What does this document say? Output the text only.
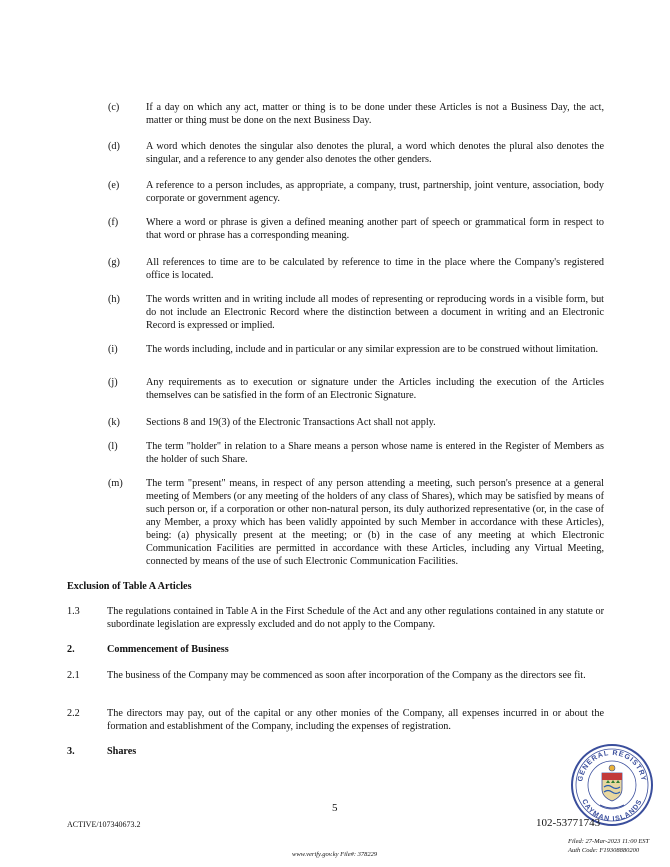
(c)	If a day on which any act, matter or thing is to be done under these Articles is not a Business Day, the act, matter or thing must be done on the next Business Day.
(d)	A word which denotes the singular also denotes the plural, a word which denotes the plural also denotes the singular, and a reference to any gender also denotes the other genders.
(e)	A reference to a person includes, as appropriate, a company, trust, partnership, joint venture, association, body corporate or government agency.
(f)	Where a word or phrase is given a defined meaning another part of speech or grammatical form in respect to that word or phrase has a corresponding meaning.
(g)	All references to time are to be calculated by reference to time in the place where the Company's registered office is located.
(h)	The words written and in writing include all modes of representing or reproducing words in a visible form, but do not include an Electronic Record where the distinction between a document in writing and an Electronic Record is expressed or implied.
(i)	The words including, include and in particular or any similar expression are to be construed without limitation.
(j)	Any requirements as to execution or signature under the Articles including the execution of the Articles themselves can be satisfied in the form of an Electronic Signature.
(k)	Sections 8 and 19(3) of the Electronic Transactions Act shall not apply.
(l)	The term "holder" in relation to a Share means a person whose name is entered in the Register of Members as the holder of such Share.
(m) The term "present" means, in respect of any person attending a meeting, such person's presence at a general meeting of Members (or any meeting of the holders of any class of Shares), which may be satisfied by means of such person or, if a corporation or other non-natural person, its duly authorized representative (or, in the case of any Member, a proxy which has been validly appointed by such Member in accordance with these Articles), being: (a) physically present at the meeting; or (b) in the case of any meeting at which Electronic Communication Facilities are permitted in accordance with these Articles, including any Virtual Meeting, connected by means of the use of such Electronic Communication Facilities.
Exclusion of Table A Articles
1.3	The regulations contained in Table A in the First Schedule of the Act and any other regulations contained in any statute or subordinate legislation are expressly excluded and do not apply to the Company.
2.	Commencement of Business
2.1	The business of the Company may be commenced as soon after incorporation of the Company as the directors see fit.
2.2	The directors may pay, out of the capital or any other monies of the Company, all expenses incurred in or about the formation and establishment of the Company, including the expenses of registration.
3.	Shares
GENERAL REGISTRY
CAYMAN ISLANDS
5
ACTIVE/107340673.2	102-53771743
Filed: 27-Mar-2023 11:00 EST
Auth Code: F19308880200
www.verify.gov.ky File#: 378229
